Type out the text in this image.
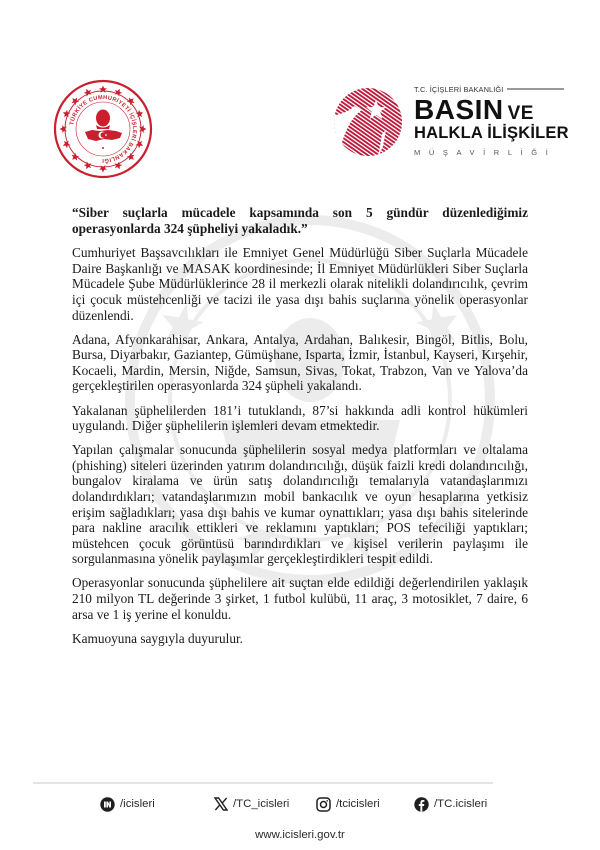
TÜRKİYE CUMHURİYETİ İÇİŞLERİ BAKANLIĞI
T.C. İÇİŞLERİ BAKANLIĞI
BASIN VE
HALKLA İLİŞKİLER
MÜŞAVİRLİĞİ

“Siber suçlarla mücadele kapsamında son 5 gündür düzenlediğimiz operasyonlarda 324 şüpheliyi yakaladık.”

Cumhuriyet Başsavcılıkları ile Emniyet Genel Müdürlüğü Siber Suçlarla Mücadele Daire Başkanlığı ve MASAK koordinesinde; İl Emniyet Müdürlükleri Siber Suçlarla Mücadele Şube Müdürlüklerince 28 il merkezli olarak nitelikli dolandırıcılık, çevrim içi çocuk müstehcenliği ve tacizi ile yasa dışı bahis suçlarına yönelik operasyonlar düzenlendi.

Adana, Afyonkarahisar, Ankara, Antalya, Ardahan, Balıkesir, Bingöl, Bitlis, Bolu, Bursa, Diyarbakır, Gaziantep, Gümüşhane, Isparta, İzmir, İstanbul, Kayseri, Kırşehir, Kocaeli, Mardin, Mersin, Niğde, Samsun, Sivas, Tokat, Trabzon, Van ve Yalova’da gerçekleştirilen operasyonlarda 324 şüpheli yakalandı.

Yakalanan şüphelilerden 181’i tutuklandı, 87’si hakkında adli kontrol hükümleri uygulandı. Diğer şüphelilerin işlemleri devam etmektedir.

Yapılan çalışmalar sonucunda şüphelilerin sosyal medya platformları ve oltalama (phishing) siteleri üzerinden yatırım dolandırıcılığı, düşük faizli kredi dolandırıcılığı, bungalov kiralama ve ürün satış dolandırıcılığı temalarıyla vatandaşlarımızı dolandırdıkları; vatandaşlarımızın mobil bankacılık ve oyun hesaplarına yetkisiz erişim sağladıkları; yasa dışı bahis ve kumar oynattıkları; yasa dışı bahis sitelerinde para nakline aracılık ettikleri ve reklamını yaptıkları; POS tefeciliği yaptıkları; müstehcen çocuk görüntüsü barındırdıkları ve kişisel verilerin paylaşımı ile sorgulanmasına yönelik paylaşımlar gerçekleştirdikleri tespit edildi.

Operasyonlar sonucunda şüphelilere ait suçtan elde edildiği değerlendirilen yaklaşık 210 milyon TL değerinde 3 şirket, 1 futbol kulübü, 11 araç, 3 motosiklet, 7 daire, 6 arsa ve 1 iş yerine el konuldu.

Kamuoyuna saygıyla duyurulur.

/icisleri	/TC_icisleri	/tcicisleri	/TC.icisleri
www.icisleri.gov.tr
